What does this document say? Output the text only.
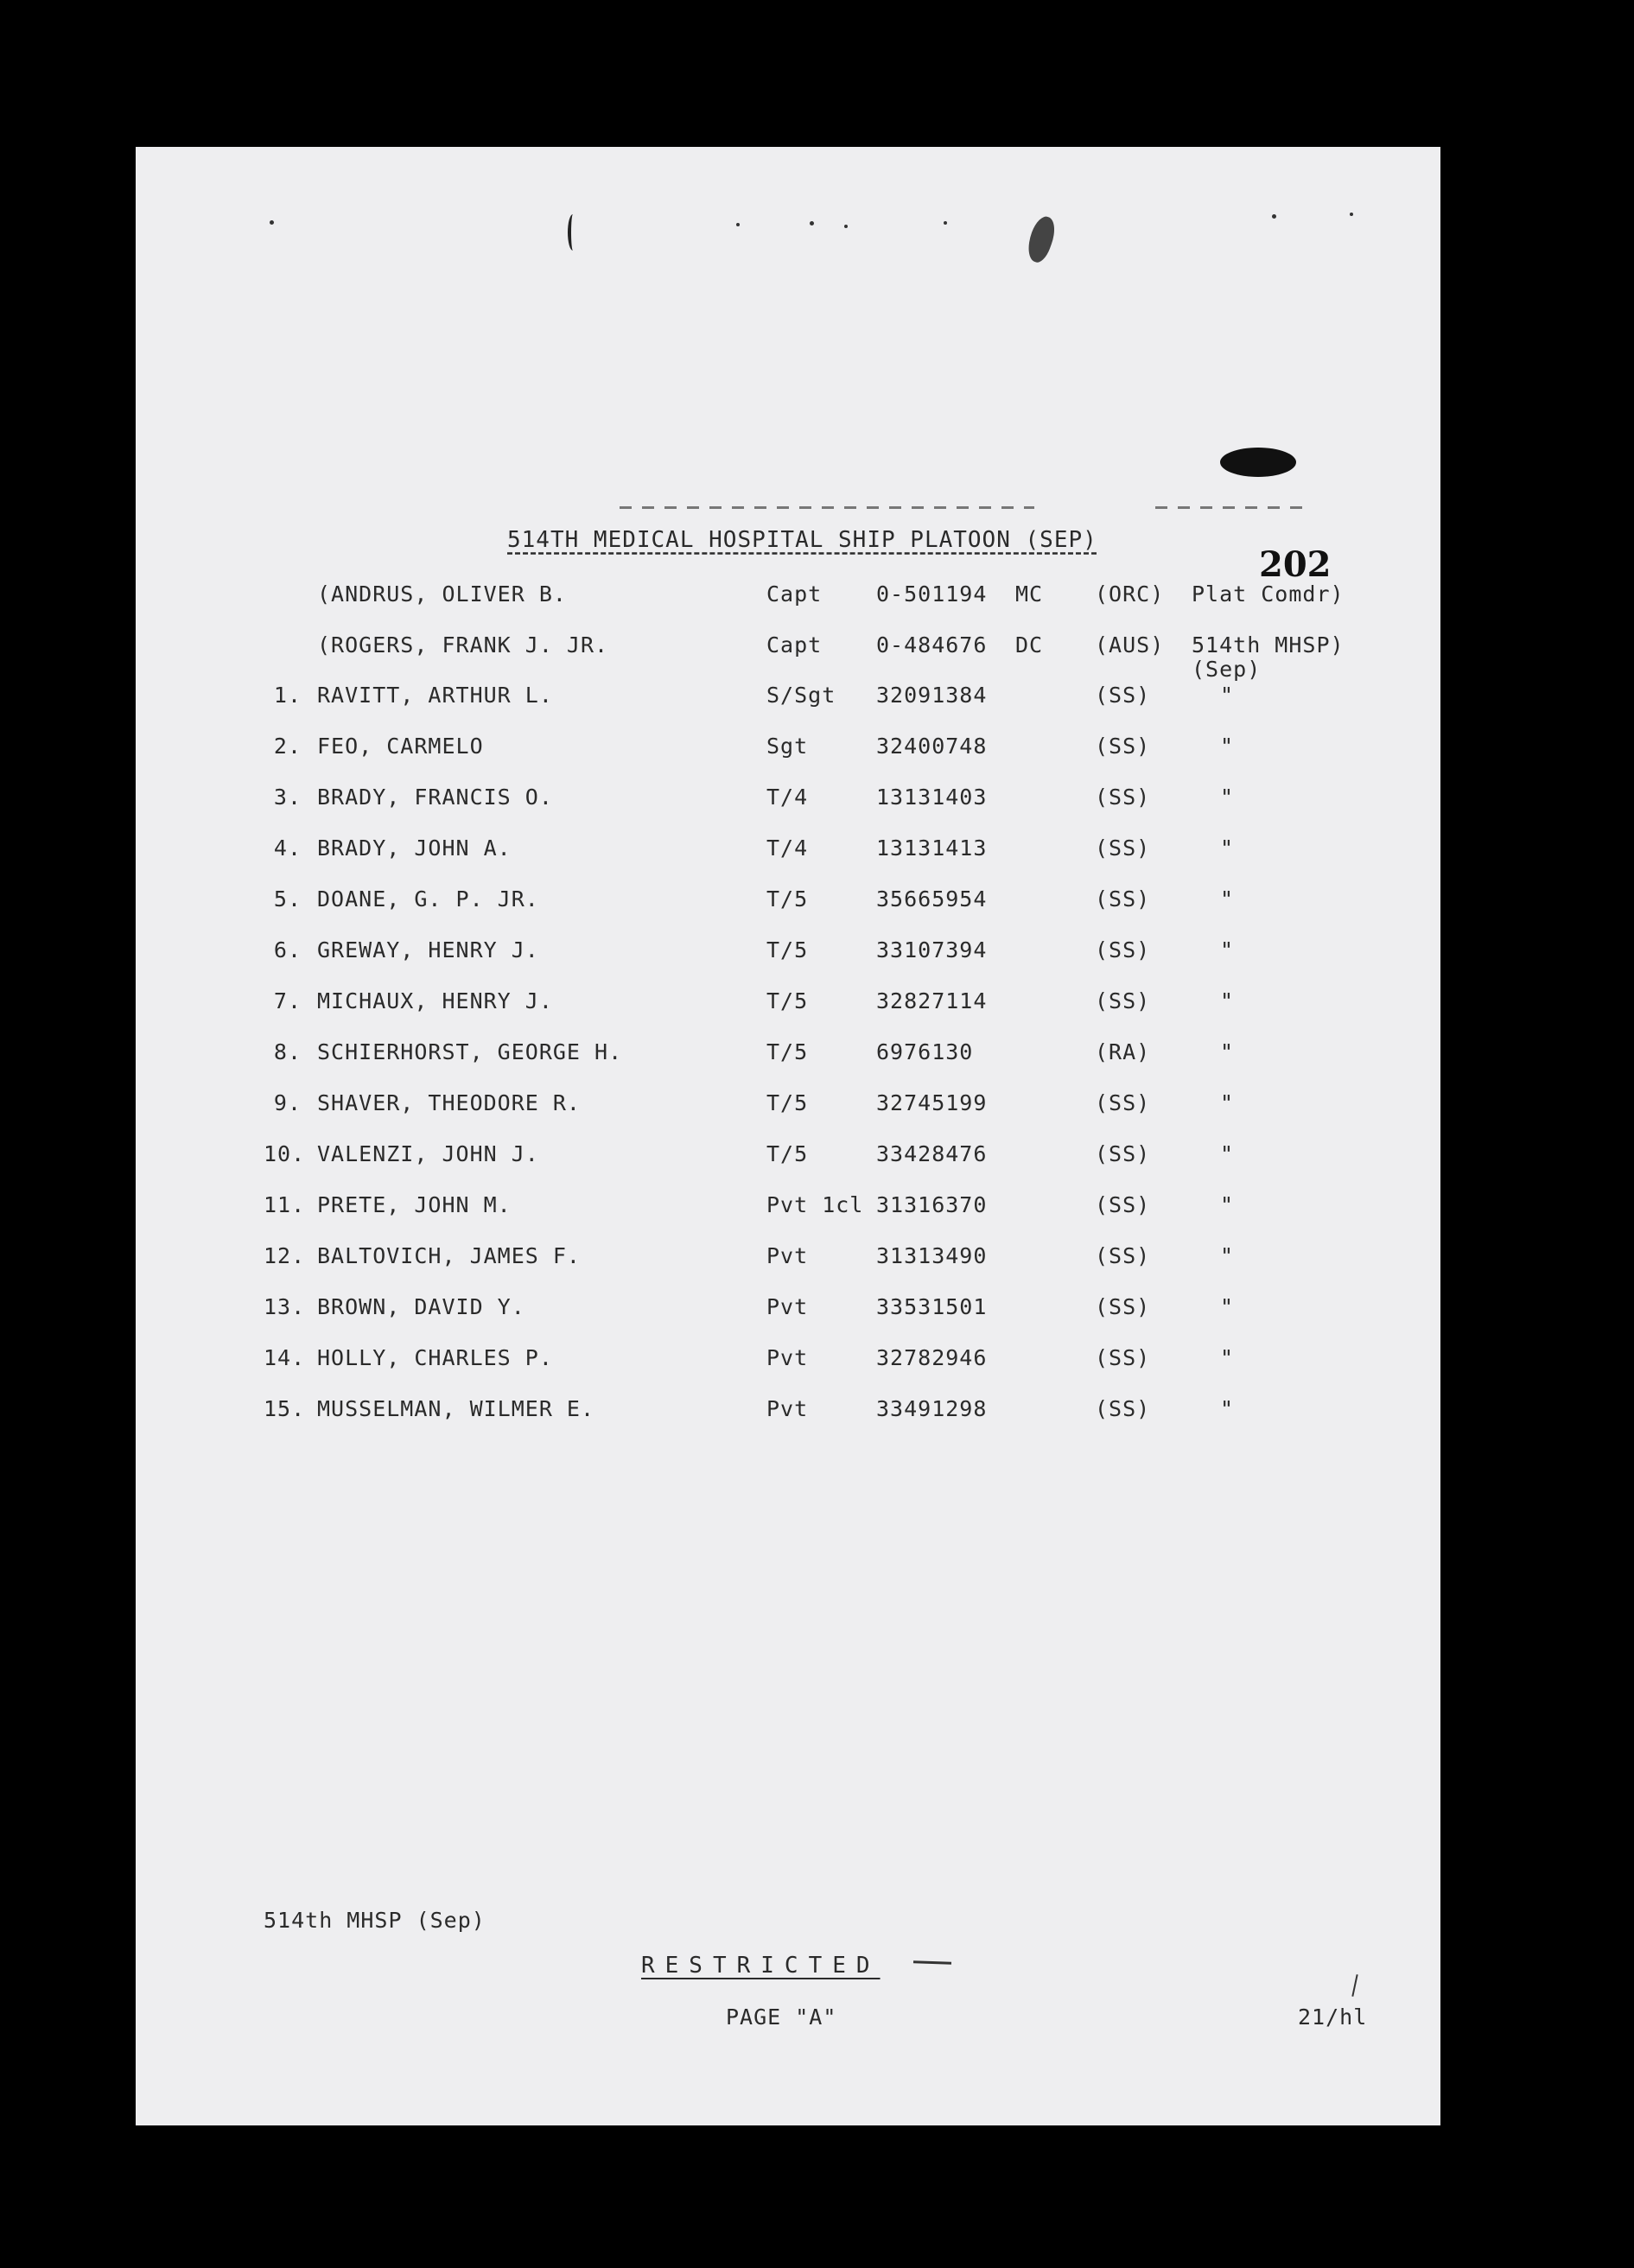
514TH MEDICAL HOSPITAL SHIP PLATOON (SEP)
202
(ANDRUS, OLIVER B.	Capt	0-501194 MC (ORC) Plat Comdr)
(ROGERS, FRANK J. JR.	Capt	0-484676 DC (AUS) 514th MHSP)
(Sep)
1. RAVITT, ARTHUR L.	S/Sgt 32091384	(SS)	"
2. FEO, CARMELO	Sgt	32400748	(SS)	"
3. BRADY, FRANCIS O.	T/4	13131403	(SS)	"
4. BRADY, JOHN A.	T/4	13131413	(SS)	"
5. DOANE, G. P. JR.	T/5	35665954	(SS)	"
6. GREWAY, HENRY J.	T/5	33107394	(SS)	"
7. MICHAUX, HENRY J.	T/5	32827114	(SS)	"
8. SCHIERHORST, GEORGE H.	T/5	6976130	(RA)	"
9. SHAVER, THEODORE R.	T/5	32745199	(SS)	"
10. VALENZI, JOHN J.	T/5	33428476	(SS)	"
11. PRETE, JOHN M.	Pvt 1cl 31316370	(SS)	"
12. BALTOVICH, JAMES F.	Pvt	31313490	(SS)	"
13. BROWN, DAVID Y.	Pvt	33531501	(SS)	"
14. HOLLY, CHARLES P.	Pvt	32782946	(SS)	"
15. MUSSELMAN, WILMER E.	Pvt	33491298	(SS)	"
514th MHSP (Sep)
RESTRICTED
PAGE "A"	21/hl
